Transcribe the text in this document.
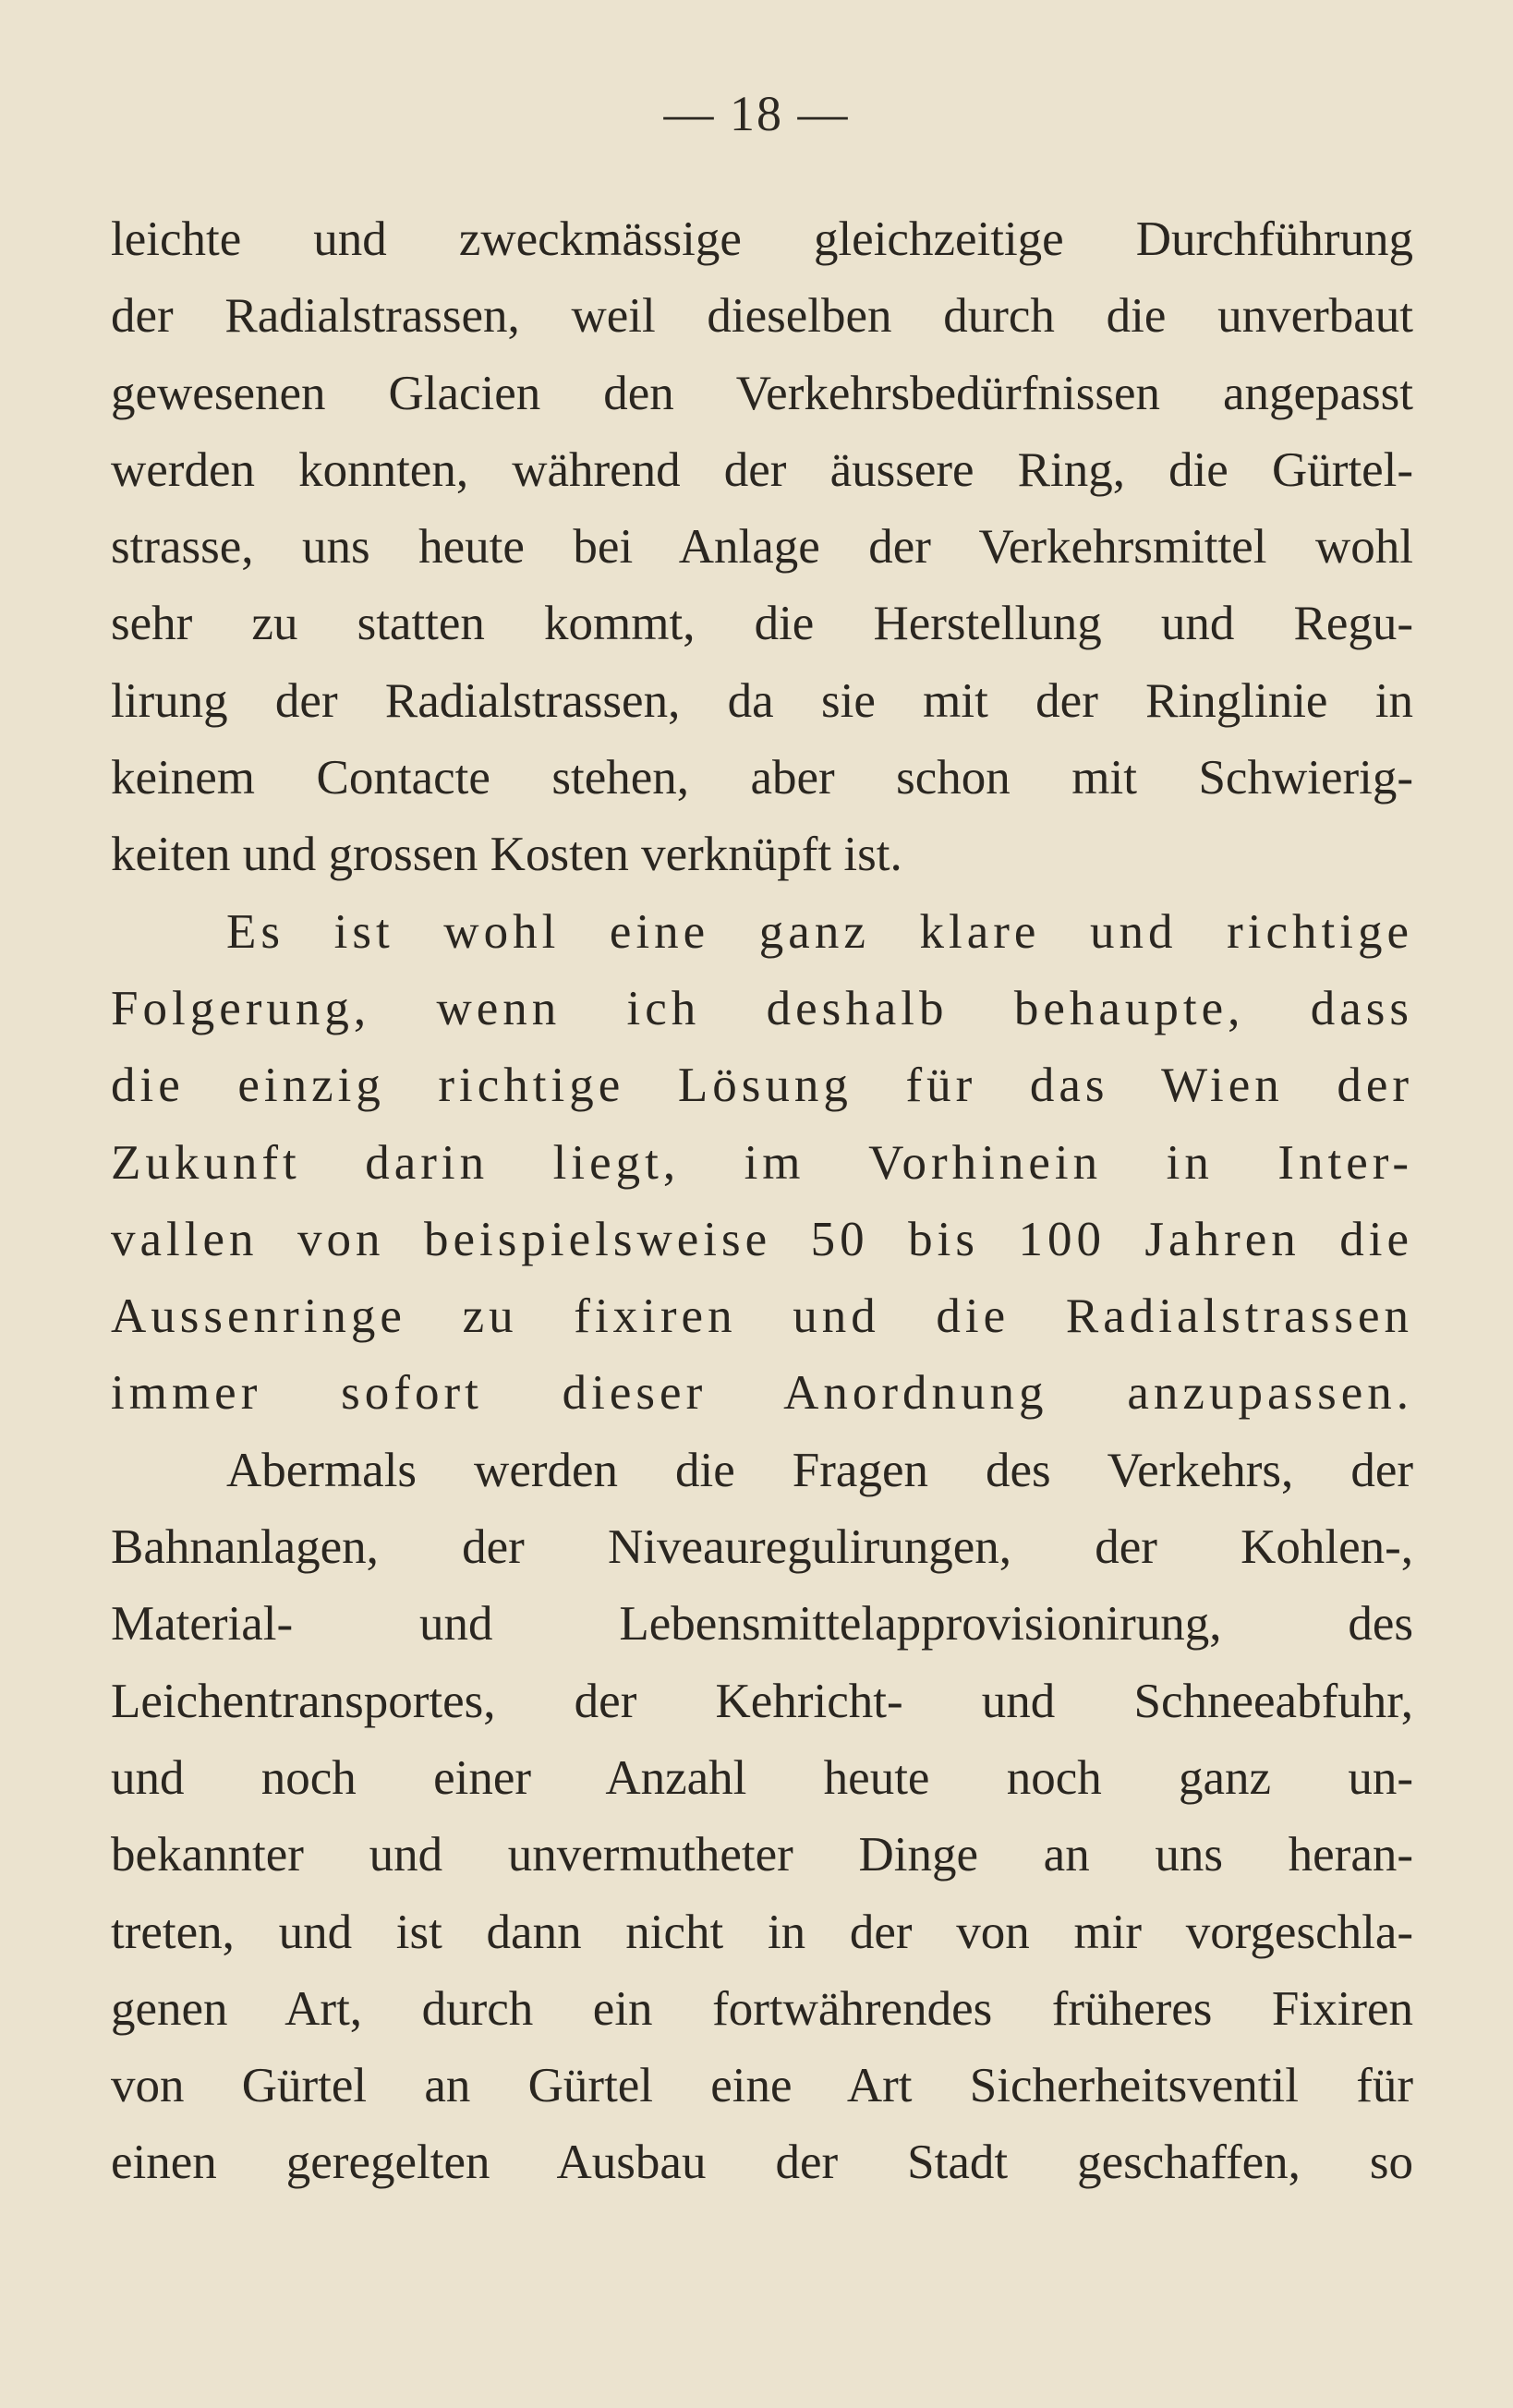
— 18 —
leichte und zweckmässige gleichzeitige Durchführung
der Radialstrassen, weil dieselben durch die unverbaut
gewesenen Glacien den Verkehrsbedürfnissen angepasst
werden konnten, während der äussere Ring, die Gürtel-
strasse, uns heute bei Anlage der Verkehrsmittel wohl
sehr zu statten kommt, die Herstellung und Regu-
lirung der Radialstrassen, da sie mit der Ringlinie in
keinem Contacte stehen, aber schon mit Schwierig-
keiten und grossen Kosten verknüpft ist.
Es ist wohl eine ganz klare und richtige
Folgerung, wenn ich deshalb behaupte, dass
die einzig richtige Lösung für das Wien der
Zukunft darin liegt, im Vorhinein in Inter-
vallen von beispielsweise 50 bis 100 Jahren die
Aussenringe zu fixiren und die Radialstrassen
immer sofort dieser Anordnung anzupassen.
Abermals werden die Fragen des Verkehrs, der
Bahnanlagen, der Niveauregulirungen, der Kohlen-,
Material- und Lebensmittelapprovisionirung, des
Leichentransportes, der Kehricht- und Schneeabfuhr,
und noch einer Anzahl heute noch ganz un-
bekannter und unvermutheter Dinge an uns heran-
treten, und ist dann nicht in der von mir vorgeschla-
genen Art, durch ein fortwährendes früheres Fixiren
von Gürtel an Gürtel eine Art Sicherheitsventil für
einen geregelten Ausbau der Stadt geschaffen, so
